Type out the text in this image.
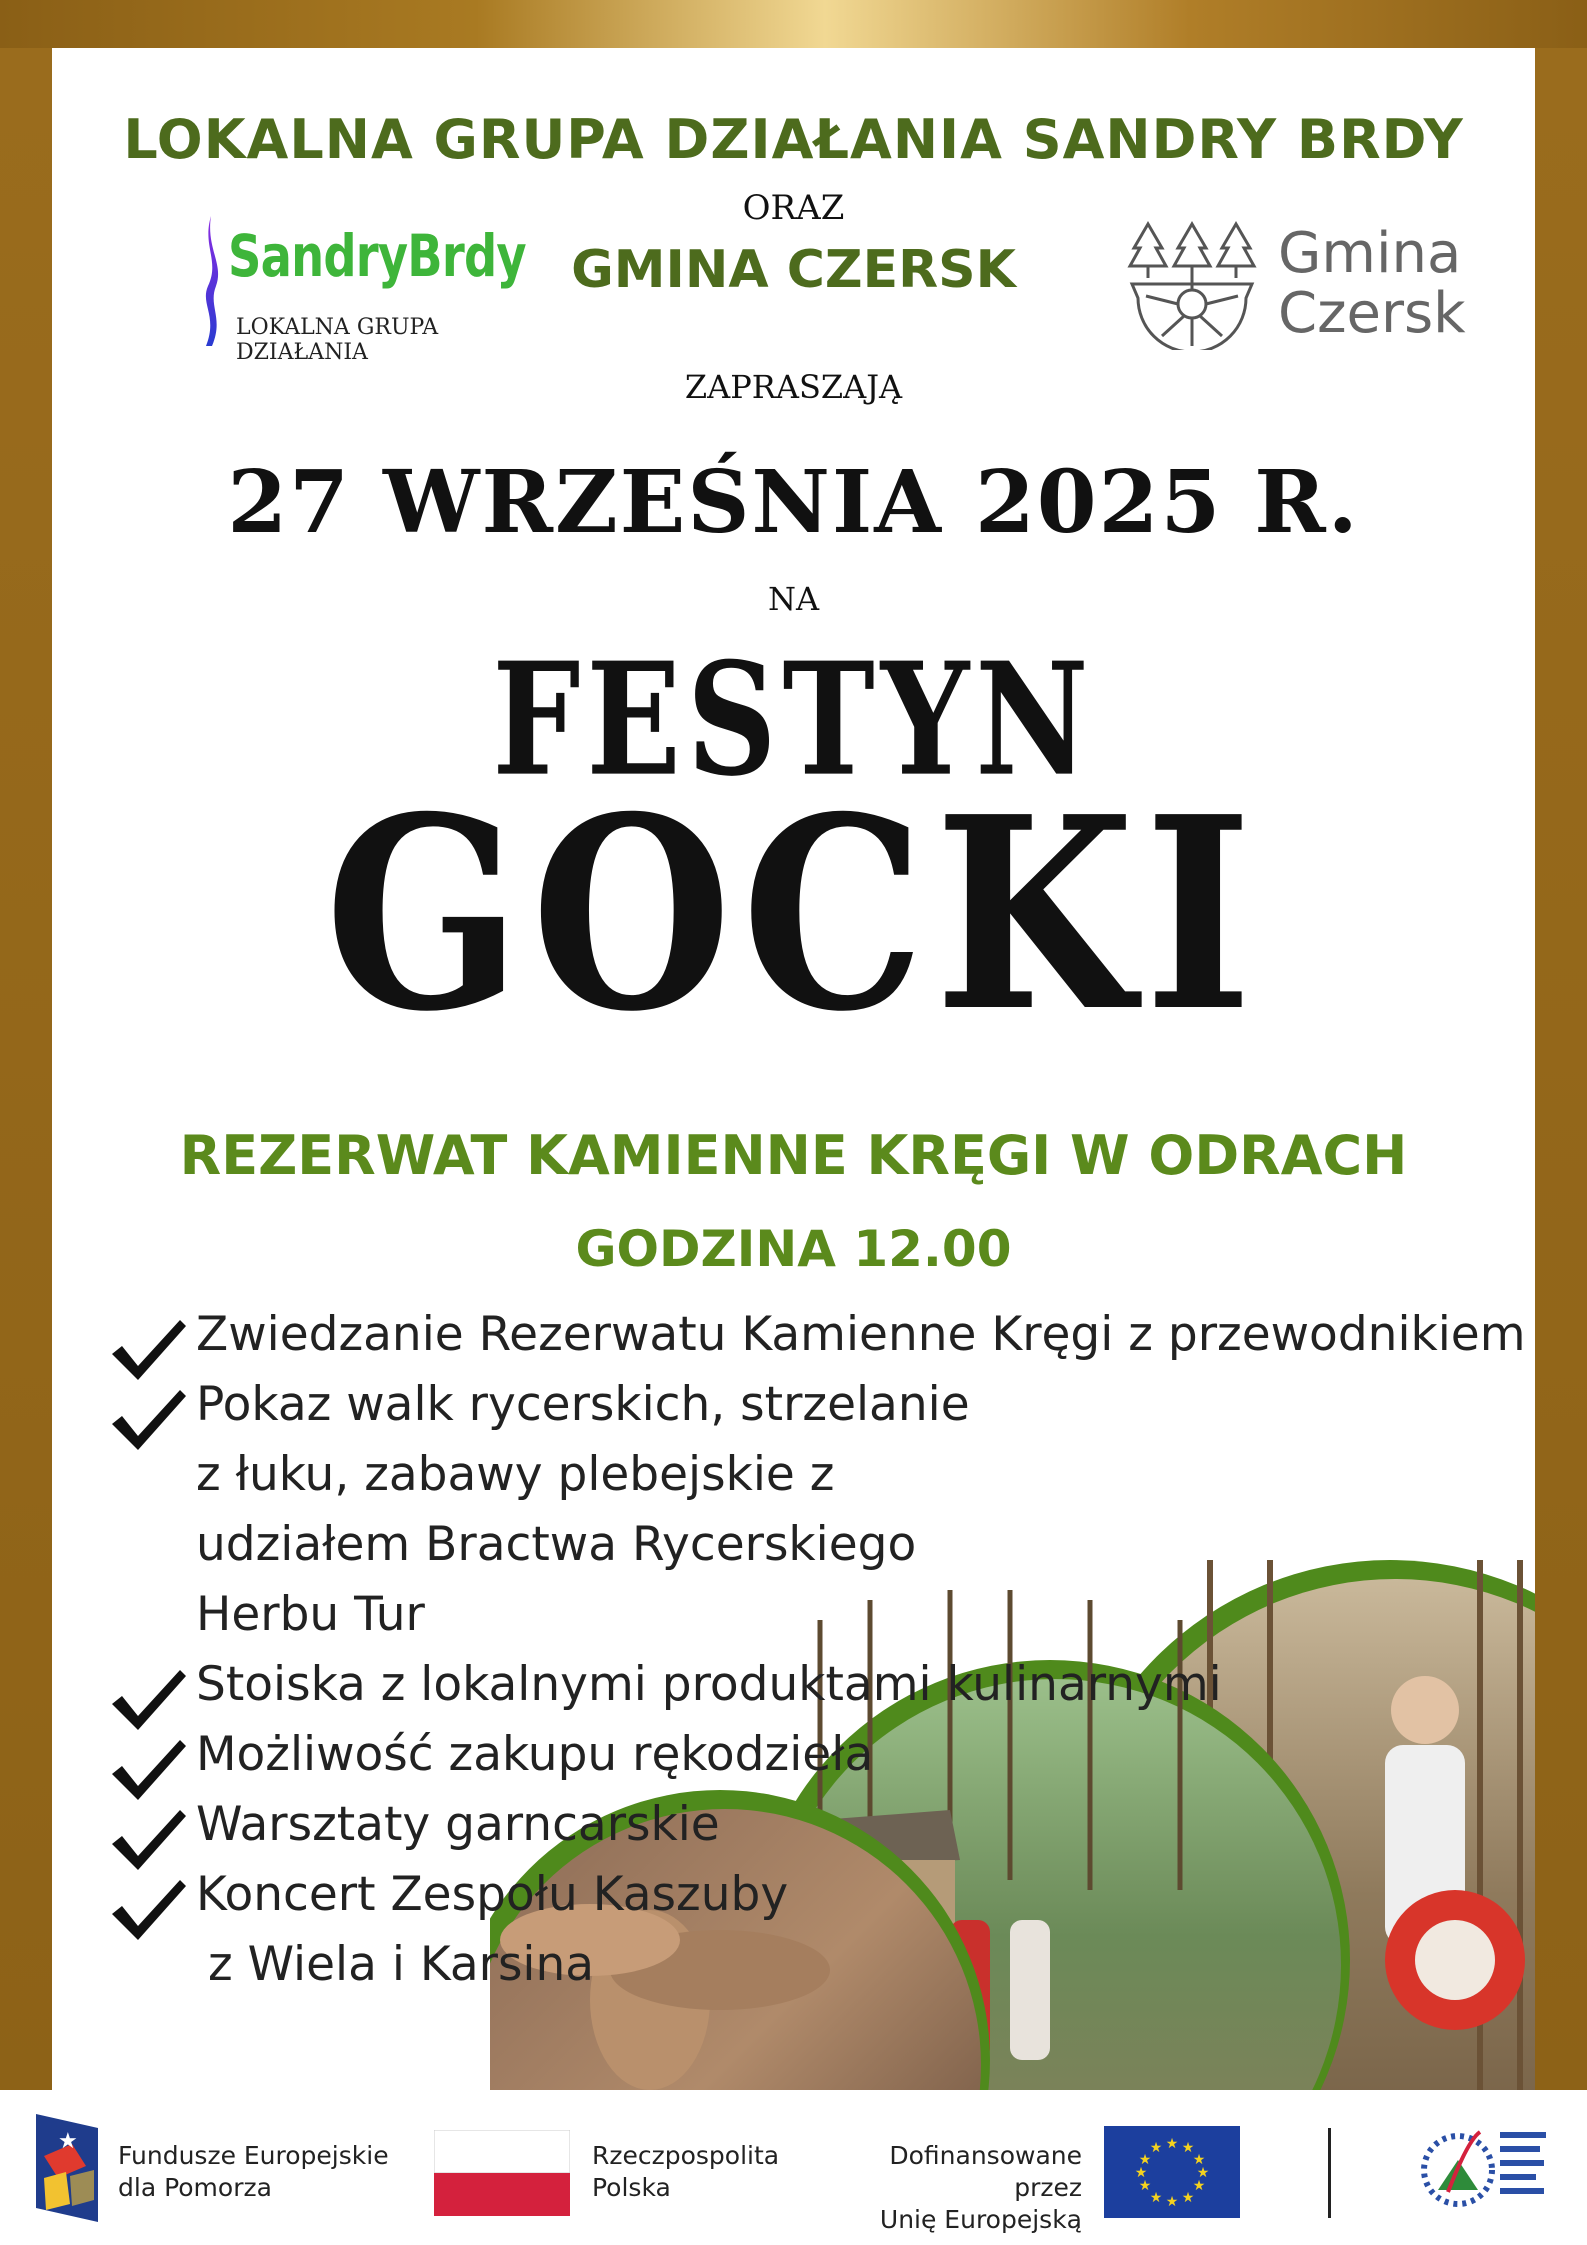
LOKALNA GRUPA DZIAŁANIA SANDRY BRDY
ORAZ
GMINA CZERSK
SandryBrdy
LOKALNA GRUPA DZIAŁANIA
Gmina
Czersk
ZAPRASZAJĄ
27 WRZEŚNIA 2025 R.
NA
FESTYN
GOCKI
REZERWAT KAMIENNE KRĘGI W ODRACH
GODZINA 12.00
Zwiedzanie Rezerwatu Kamienne Kręgi z przewodnikiem
Pokaz walk rycerskich, strzelanie z łuku, zabawy plebejskie z udziałem Bractwa Rycerskiego Herbu Tur
Stoiska z lokalnymi produktami kulinarnymi
Możliwość zakupu rękodzieła
Warsztaty garncarskie
Koncert Zespołu Kaszuby
z Wiela i Karsina
★ Fundusze Europejskie
dla Pomorza
Rzeczpospolita
Polska
Dofinansowane przez
Unię Europejską
★ ★
★
★
★
★
★
★
★
★
★
★
